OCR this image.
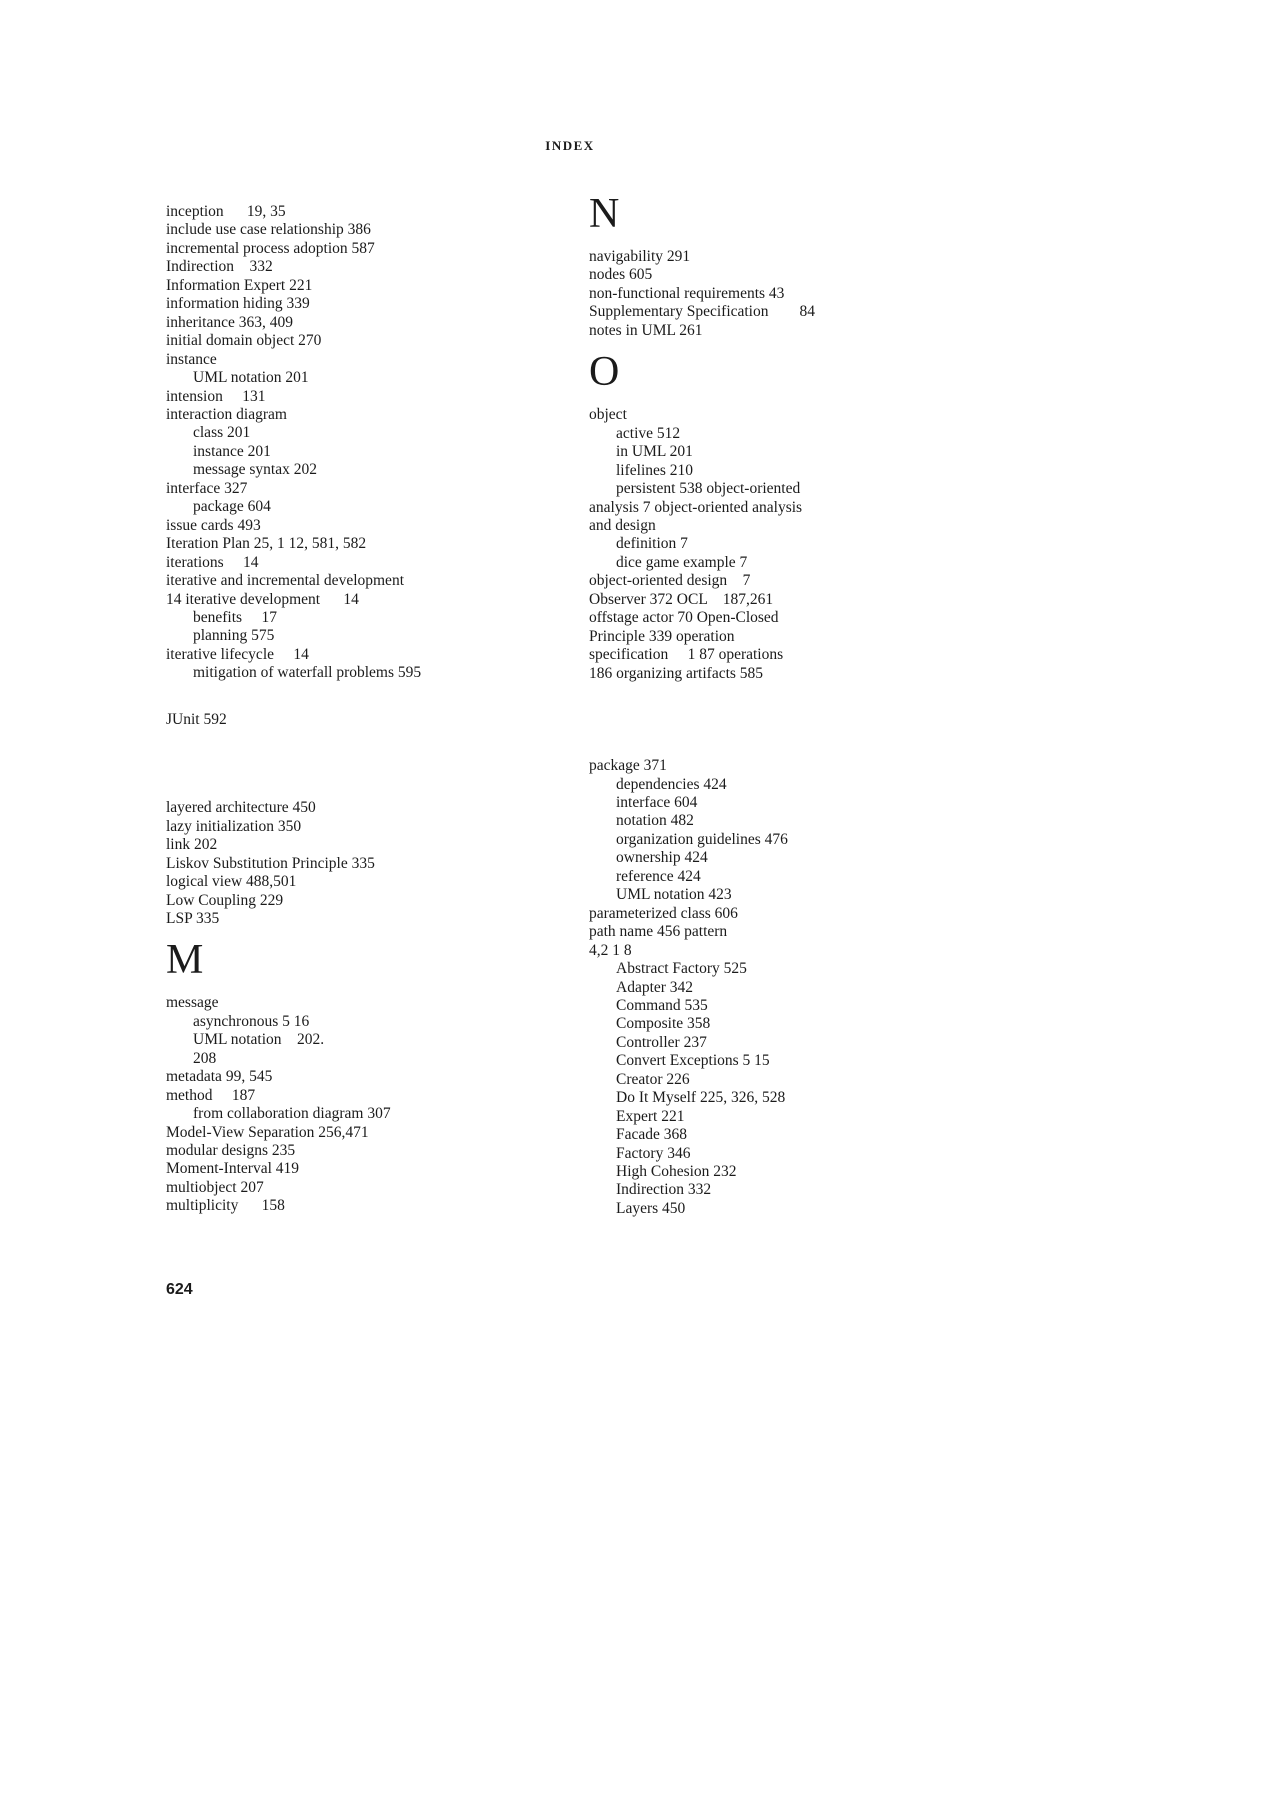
INDEX
inception      19, 35
include use case relationship 386
incremental process adoption 587
Indirection    332
Information Expert 221
information hiding 339
inheritance 363, 409
initial domain object 270
instance
UML notation 201
intension     131
interaction diagram
class 201
instance 201
message syntax 202
interface 327
package 604
issue cards 493
Iteration Plan 25, 1 12, 581, 582
iterations     14
iterative and incremental development
14 iterative development      14
benefits     17
planning 575
iterative lifecycle     14
mitigation of waterfall problems 595
JUnit 592
layered architecture 450
lazy initialization 350
link 202
Liskov Substitution Principle 335
logical view 488,501
Low Coupling 229
LSP 335
M
message
asynchronous 5 16
UML notation    202.
208
metadata 99, 545
method     187
from collaboration diagram 307
Model-View Separation 256,471
modular designs 235
Moment-Interval 419
multiobject 207
multiplicity      158
N
navigability 291
nodes 605
non-functional requirements 43
Supplementary Specification        84
notes in UML 261
O
object
active 512
in UML 201
lifelines 210
persistent 538 object-oriented
analysis 7 object-oriented analysis
and design
definition 7
dice game example 7
object-oriented design    7
Observer 372 OCL    187,261
offstage actor 70 Open-Closed
Principle 339 operation
specification     1 87 operations
186 organizing artifacts 585
package 371
dependencies 424
interface 604
notation 482
organization guidelines 476
ownership 424
reference 424
UML notation 423
parameterized class 606
path name 456 pattern
4,2 1 8
Abstract Factory 525
Adapter 342
Command 535
Composite 358
Controller 237
Convert Exceptions 5 15
Creator 226
Do It Myself 225, 326, 528
Expert 221
Facade 368
Factory 346
High Cohesion 232
Indirection 332
Layers 450
624
